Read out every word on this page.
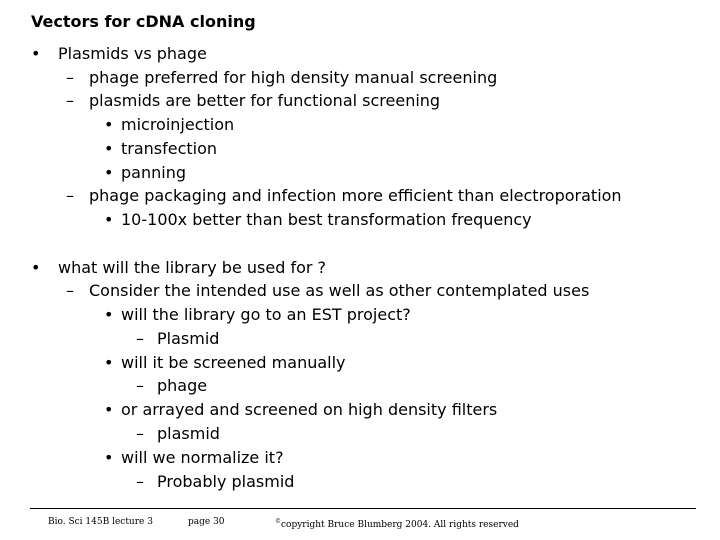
Vectors for cDNA cloning
• Plasmids vs phage
– phage preferred for high density manual screening
– plasmids are better for functional screening
• microinjection
• transfection
• panning
– phage packaging and infection more efficient than electroporation
• 10-100x better than best transformation frequency
• what will the library be used for ?
– Consider the intended use as well as other contemplated uses
• will the library go to an EST project?
– Plasmid
• will it be screened manually
– phage
• or arrayed and screened on high density filters
– plasmid
• will we normalize it?
– Probably plasmid
Bio. Sci 145B lecture 3	page 30	©copyright Bruce Blumberg 2004. All rights reserved
